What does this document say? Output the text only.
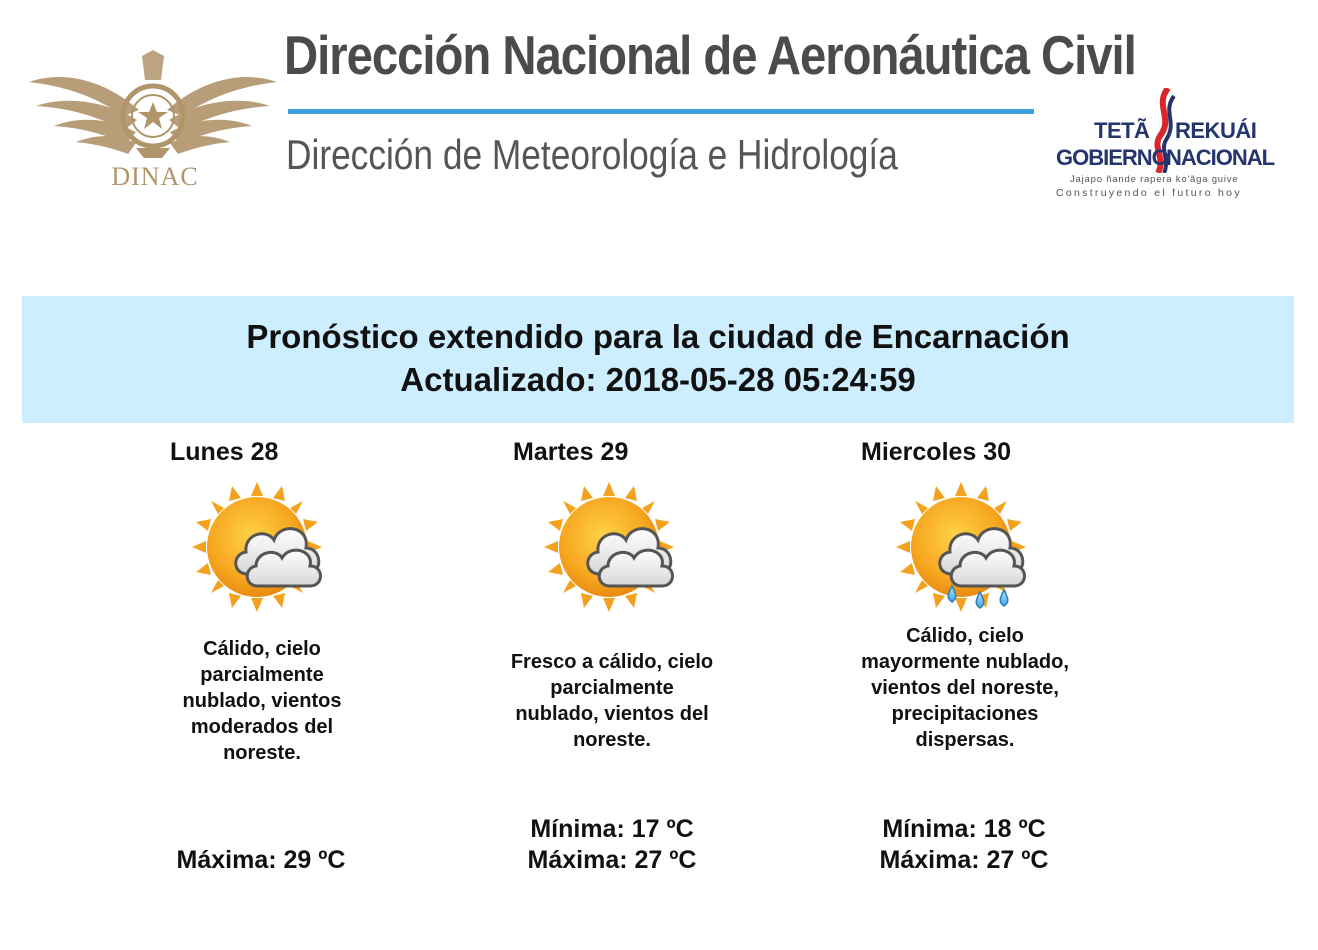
DINAC
Dirección Nacional de Aeronáutica Civil
Dirección de Meteorología e Hidrología
TETÃ REKUÁI
GOBIERNO
NACIONAL
Jajapo ñande rapera ko'ãga guive
Construyendo el futuro hoy
Pronóstico extendido para la ciudad de Encarnación
Actualizado: 2018-05-28 05:24:59
Lunes 28
Cálido, cielo parcialmente nublado, vientos moderados del noreste.
Máxima: 29 ºC
Martes 29
Fresco a cálido, cielo parcialmente nublado, vientos del noreste.
Mínima: 17 ºC
Máxima: 27 ºC
Miercoles 30
Cálido, cielo mayormente nublado, vientos del noreste, precipitaciones dispersas.
Mínima: 18 ºC
Máxima: 27 ºC
